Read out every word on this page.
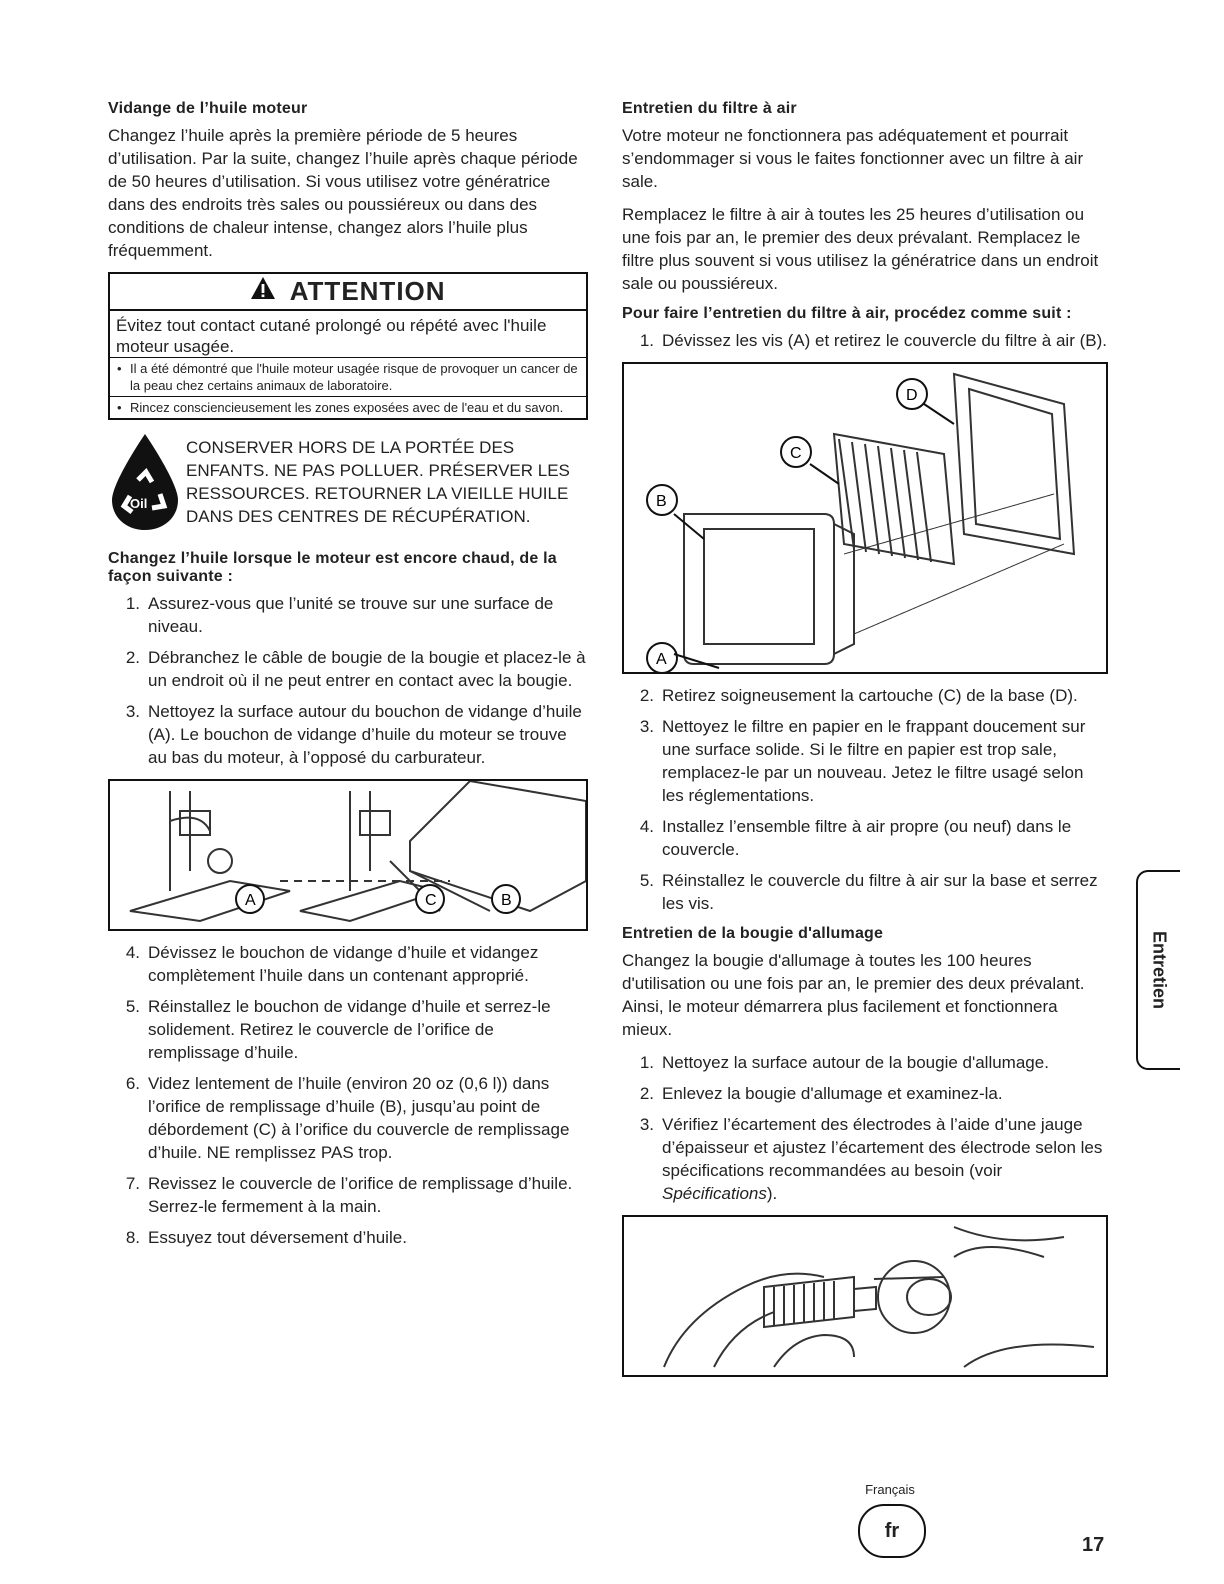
Vidange de l’huile moteur

Changez l’huile après la première période de 5 heures d’utilisation. Par la suite, changez l’huile après chaque période de 50 heures d’utilisation. Si vous utilisez votre génératrice dans des endroits très sales ou poussiéreux ou dans des conditions de chaleur intense, changez alors l’huile plus fréquemment.

ATTENTION
Évitez tout contact cutané prolongé ou répété avec l'huile moteur usagée.
• Il a été démontré que l'huile moteur usagée risque de provoquer un cancer de la peau chez certains animaux de laboratoire.
• Rincez consciencieusement les zones exposées avec de l'eau et du savon.
Oil
CONSERVER HORS DE LA PORTÉE DES ENFANTS. NE PAS POLLUER. PRÉSERVER LES RESSOURCES. RETOURNER LA VIEILLE HUILE DANS DES CENTRES DE RÉCUPÉRATION.
Changez l’huile lorsque le moteur est encore chaud, de la façon suivante :
1. Assurez-vous que l’unité se trouve sur une surface de niveau.
2. Débranchez le câble de bougie de la bougie et placez-le à un endroit où il ne peut entrer en contact avec la bougie.
3. Nettoyez la surface autour du bouchon de vidange d’huile (A). Le bouchon de vidange d’huile du moteur se trouve au bas du moteur, à l’opposé du carburateur.
A	C	B
4. Dévissez le bouchon de vidange d’huile et vidangez complètement l’huile dans un contenant approprié.
5. Réinstallez le bouchon de vidange d’huile et serrez-le solidement. Retirez le couvercle de l’orifice de remplissage d’huile.
6. Videz lentement de l’huile (environ 20 oz (0,6 l)) dans l’orifice de remplissage d’huile (B), jusqu’au point de débordement (C) à l’orifice du couvercle de remplissage d’huile. NE remplissez PAS trop.
7. Revissez le couvercle de l’orifice de remplissage d’huile. Serrez-le fermement à la main.
8. Essuyez tout déversement d’huile.
Entretien du filtre à air

Votre moteur ne fonctionnera pas adéquatement et pourrait s’endommager si vous le faites fonctionner avec un filtre à air sale.

Remplacez le filtre à air à toutes les 25 heures d’utilisation ou une fois par an, le premier des deux prévalant. Remplacez le filtre plus souvent si vous utilisez la génératrice dans un endroit sale ou poussiéreux.

Pour faire l’entretien du filtre à air, procédez comme suit :
1. Dévissez les vis (A) et retirez le couvercle du filtre à air (B).
D
C
B
A
2. Retirez soigneusement la cartouche (C) de la base (D).
3. Nettoyez le filtre en papier en le frappant doucement sur une surface solide. Si le filtre en papier est trop sale, remplacez-le par un nouveau. Jetez le filtre usagé selon les réglementations.
4. Installez l’ensemble filtre à air propre (ou neuf) dans le couvercle.
5. Réinstallez le couvercle du filtre à air sur la base et serrez les vis.
Entretien de la bougie d'allumage

Changez la bougie d'allumage à toutes les 100 heures d'utilisation ou une fois par an, le premier des deux prévalant. Ainsi, le moteur démarrera plus facilement et fonctionnera mieux.

1. Nettoyez la surface autour de la bougie d'allumage.
2. Enlevez la bougie d'allumage et examinez-la.
3. Vérifiez l’écartement des électrodes à l’aide d’une jauge d’épaisseur et ajustez l’écartement des électrode selon les spécifications recommandées au besoin (voir Spécifications).
Entretien
Français
fr
17
